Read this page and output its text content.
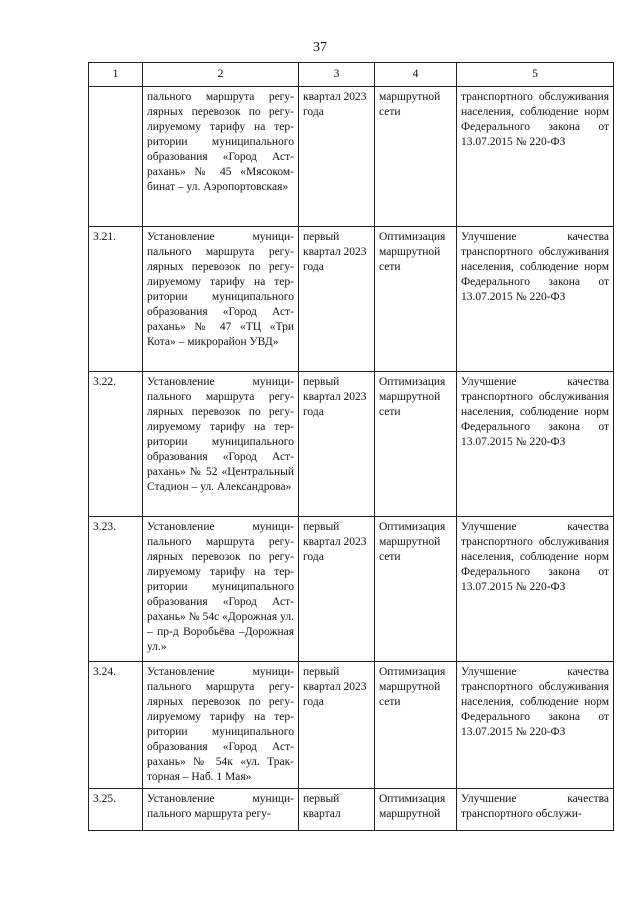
37
1	2	3	4	5
	пального маршрута регулярных перевозок по регулируемому тарифу на территории муниципального образования «Город Астрахань» № 45 «Мясокомбинат – ул. Аэропортовская»	квартал 2023 года	маршрутной сети	транспортного обслуживания населения, соблюдение норм Федерального закона от 13.07.2015 № 220-ФЗ
3.21.	Установление муниципального маршрута регулярных перевозок по регулируемому тарифу на территории муниципального образования «Город Астрахань» № 47 «ТЦ «Три Кота» – микрорайон УВД»	первый квартал 2023 года	Оптимизация маршрутной сети	Улучшение качества транспортного обслуживания населения, соблюдение норм Федерального закона от 13.07.2015 № 220-ФЗ
3.22.	Установление муниципального маршрута регулярных перевозок по регулируемому тарифу на территории муниципального образования «Город Астрахань» № 52 «Центральный Стадион – ул. Александрова»	первый квартал 2023 года	Оптимизация маршрутной сети	Улучшение качества транспортного обслуживания населения, соблюдение норм Федерального закона от 13.07.2015 № 220-ФЗ
3.23.	Установление муниципального маршрута регулярных перевозок по регулируемому тарифу на территории муниципального образования «Город Астрахань» № 54с «Дорожная ул. – пр-д Воробьёва –Дорожная ул.»	первый квартал 2023 года	Оптимизация маршрутной сети	Улучшение качества транспортного обслуживания населения, соблюдение норм Федерального закона от 13.07.2015 № 220-ФЗ
3.24.	Установление муниципального маршрута регулярных перевозок по регулируемому тарифу на территории муниципального образования «Город Астрахань» № 54к «ул. Тракторная – Наб. 1 Мая»	первый квартал 2023 года	Оптимизация маршрутной сети	Улучшение качества транспортного обслуживания населения, соблюдение норм Федерального закона от 13.07.2015 № 220-ФЗ
3.25.	Установление муниципального маршрута регу-	первый квартал	Оптимизация маршрутной	Улучшение качества транспортного обслужи-
